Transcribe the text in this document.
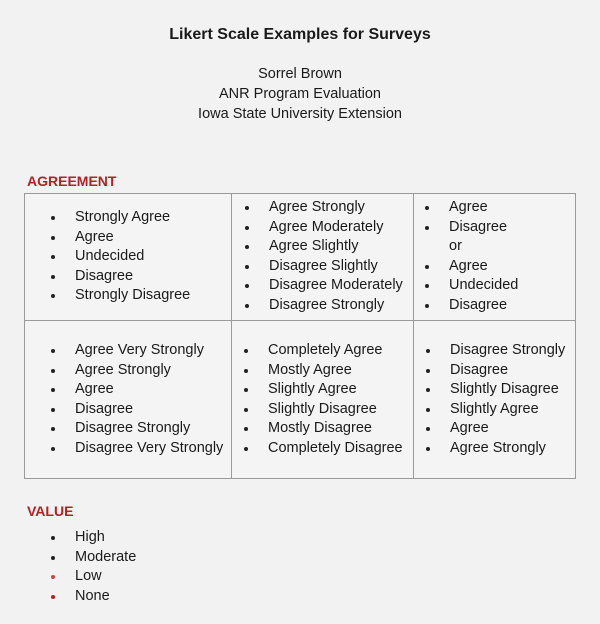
Likert Scale Examples for Surveys
Sorrel Brown
ANR Program Evaluation
Iowa State University Extension
AGREEMENT
Strongly Agree
Agree
Undecided
Disagree
Strongly Disagree
Agree Strongly
Agree Moderately
Agree Slightly
Disagree Slightly
Disagree Moderately
Disagree Strongly
Agree
Disagree
or
Agree
Undecided
Disagree
Agree Very Strongly
Agree Strongly
Agree
Disagree
Disagree Strongly
Disagree Very Strongly
Completely Agree
Mostly Agree
Slightly Agree
Slightly Disagree
Mostly Disagree
Completely Disagree
Disagree Strongly
Disagree
Slightly Disagree
Slightly Agree
Agree
Agree Strongly
VALUE
High
Moderate
Low
None
